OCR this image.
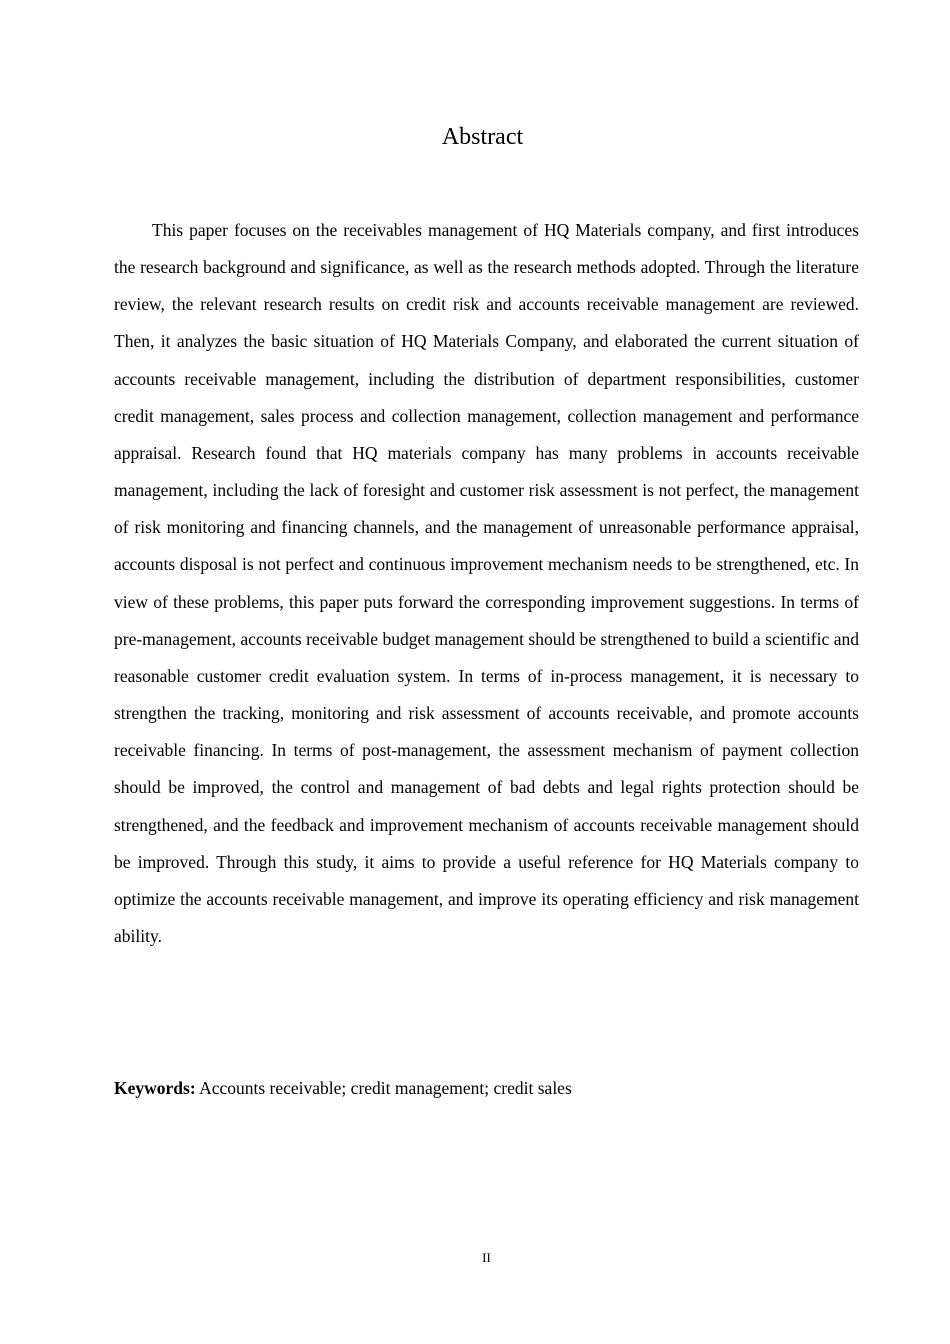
Abstract

This paper focuses on the receivables management of HQ Materials company, and first introduces the research background and significance, as well as the research methods adopted. Through the literature review, the relevant research results on credit risk and accounts receivable management are reviewed. Then, it analyzes the basic situation of HQ Materials Company, and elaborated the current situation of accounts receivable management, including the distribution of department responsibilities, customer credit management, sales process and collection management, collection management and performance appraisal. Research found that HQ materials company has many problems in accounts receivable management, including the lack of foresight and customer risk assessment is not perfect, the management of risk monitoring and financing channels, and the management of unreasonable performance appraisal, accounts disposal is not perfect and continuous improvement mechanism needs to be strengthened, etc. In view of these problems, this paper puts forward the corresponding improvement suggestions. In terms of pre-management, accounts receivable budget management should be strengthened to build a scientific and reasonable customer credit evaluation system. In terms of in-process management, it is necessary to strengthen the tracking, monitoring and risk assessment of accounts receivable, and promote accounts receivable financing. In terms of post-management, the assessment mechanism of payment collection should be improved, the control and management of bad debts and legal rights protection should be strengthened, and the feedback and improvement mechanism of accounts receivable management should be improved. Through this study, it aims to provide a useful reference for HQ Materials company to optimize the accounts receivable management, and improve its operating efficiency and risk management ability.

Keywords: Accounts receivable; credit management; credit sales

II
